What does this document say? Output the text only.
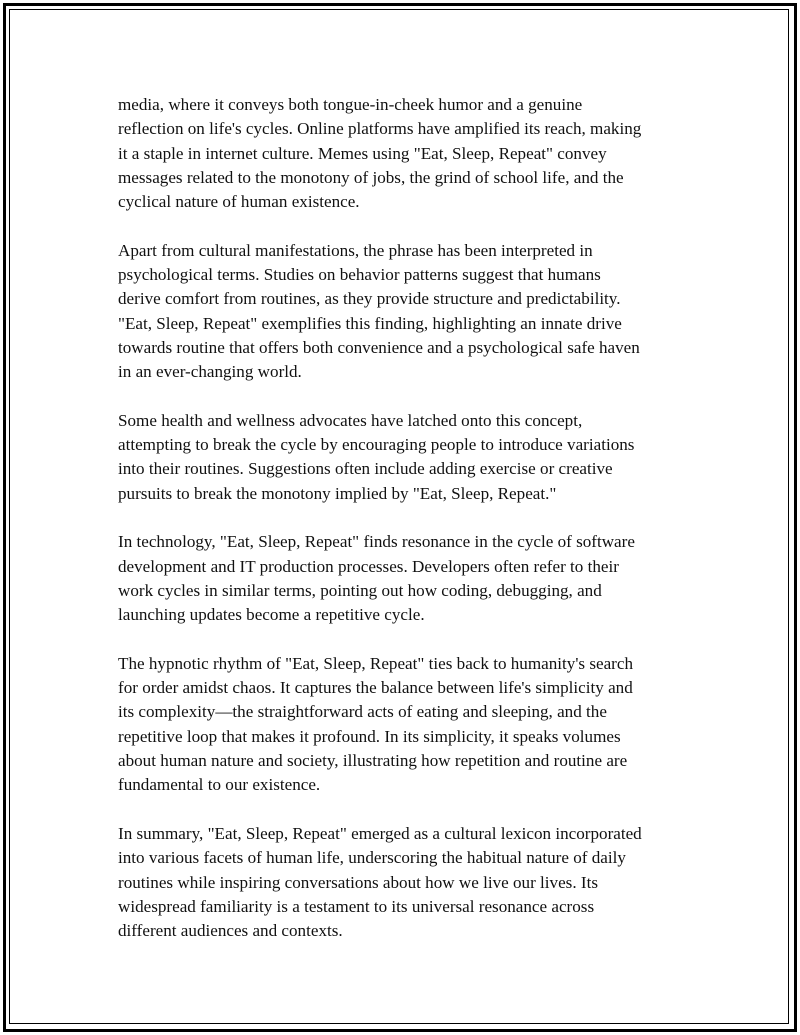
media, where it conveys both tongue-in-cheek humor and a genuine
reflection on life's cycles. Online platforms have amplified its reach, making
it a staple in internet culture. Memes using "Eat, Sleep, Repeat" convey
messages related to the monotony of jobs, the grind of school life, and the
cyclical nature of human existence.

Apart from cultural manifestations, the phrase has been interpreted in
psychological terms. Studies on behavior patterns suggest that humans
derive comfort from routines, as they provide structure and predictability.
"Eat, Sleep, Repeat" exemplifies this finding, highlighting an innate drive
towards routine that offers both convenience and a psychological safe haven
in an ever-changing world.

Some health and wellness advocates have latched onto this concept,
attempting to break the cycle by encouraging people to introduce variations
into their routines. Suggestions often include adding exercise or creative
pursuits to break the monotony implied by "Eat, Sleep, Repeat."

In technology, "Eat, Sleep, Repeat" finds resonance in the cycle of software
development and IT production processes. Developers often refer to their
work cycles in similar terms, pointing out how coding, debugging, and
launching updates become a repetitive cycle.

The hypnotic rhythm of "Eat, Sleep, Repeat" ties back to humanity's search
for order amidst chaos. It captures the balance between life's simplicity and
its complexity—the straightforward acts of eating and sleeping, and the
repetitive loop that makes it profound. In its simplicity, it speaks volumes
about human nature and society, illustrating how repetition and routine are
fundamental to our existence.

In summary, "Eat, Sleep, Repeat" emerged as a cultural lexicon incorporated
into various facets of human life, underscoring the habitual nature of daily
routines while inspiring conversations about how we live our lives. Its
widespread familiarity is a testament to its universal resonance across
different audiences and contexts.
